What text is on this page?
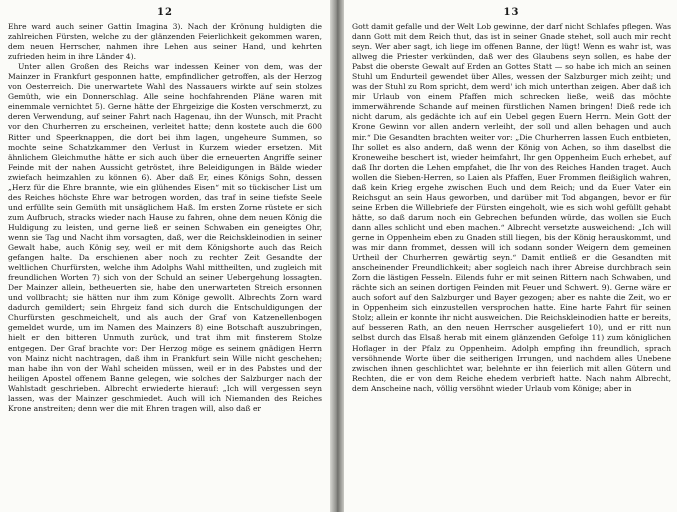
12

Ehre ward auch seiner Gattin Imagina 3). Nach der Krönung huldigten die zahlreichen Fürsten, welche zu der glänzenden Feierlichkeit gekommen waren, dem neuen Herrscher, nahmen ihre Lehen aus seiner Hand, und kehrten zufrieden heim in ihre Länder 4).

Unter allen Großen des Reichs war indessen Keiner von dem, was der Mainzer in Frankfurt gesponnen hatte, empfindlicher getroffen, als der Herzog von Oesterreich. Die unerwartete Wahl des Nassauers wirkte auf sein stolzes Gemüth, wie ein Donnerschlag. Alle seine hochfahrenden Pläne waren mit einemmale vernichtet 5). Gerne hätte der Ehrgeizige die Kosten verschmerzt, zu deren Verwendung, auf seiner Fahrt nach Hagenau, ihn der Wunsch, mit Pracht vor den Churherren zu erscheinen, verleitet hatte; denn kostete auch die 600 Ritter und Speerknappen, die dort bei ihm lagen, ungeheure Summen, so mochte seine Schatzkammer den Verlust in Kurzem wieder ersetzen. Mit ähnlichem Gleichmuthe hätte er sich auch über die erneuerten Angriffe seiner Feinde mit der nahen Aussicht getröstet, ihre Beleidigungen in Bälde wieder zwiefach heimzahlen zu können 6). Aber daß Er, eines Königs Sohn, dessen „Herz für die Ehre brannte, wie ein glühendes Eisen“ mit so tückischer List um des Reiches höchste Ehre war betrogen worden, das traf in seine tiefste Seele und erfüllte sein Gemüth mit unsäglichem Haß. Im ersten Zorne rüstete er sich zum Aufbruch, stracks wieder nach Hause zu fahren, ohne dem neuen König die Huldigung zu leisten, und gerne ließ er seinen Schwaben ein geneigtes Ohr, wenn sie Tag und Nacht ihm vorsagten, daß, wer die Reichskleinodien in seiner Gewalt habe, auch König sey, weil er mit dem Königshorte auch das Reich gefangen halte. Da erschienen aber noch zu rechter Zeit Gesandte der weltlichen Churfürsten, welche ihm Adolphs Wahl mittheilten, und zugleich mit freundlichen Worten 7) sich von der Schuld an seiner Uebergehung lossagten. Der Mainzer allein, betheuerten sie, habe den unerwarteten Streich ersonnen und vollbracht; sie hätten nur ihm zum Könige gewollt. Albrechts Zorn ward dadurch gemildert; sein Ehrgeiz fand sich durch die Entschuldigungen der Churfürsten geschmeichelt, und als auch der Graf von Katzenellenbogen gemeldet wurde, um im Namen des Mainzers 8) eine Botschaft auszubringen, hielt er den bitteren Unmuth zurück, und trat ihm mit finsterem Stolze entgegen. Der Graf brachte vor: Der Herzog möge es seinem gnädigen Herrn von Mainz nicht nachtragen, daß ihm in Frankfurt sein Wille nicht geschehen; man habe ihn von der Wahl scheiden müssen, weil er in des Pabstes und der heiligen Apostel offenem Banne gelegen, wie solches der Salzburger nach der Wahlstadt geschrieben. Albrecht erwiederte hierauf: „Ich will vergessen seyn lassen, was der Mainzer geschmiedet. Auch will ich Niemanden des Reiches Krone anstreiten; denn wer die mit Ehren tragen will, also daß er

13

Gott damit gefalle und der Welt Lob gewinne, der darf nicht Schlafes pflegen. Was dann Gott mit dem Reich thut, das ist in seiner Gnade stehet, soll auch mir recht seyn. Wer aber sagt, ich liege im offenen Banne, der lügt! Wenn es wahr ist, was allweg die Priester verkünden, daß wer des Glaubens seyn sollen, es habe der Pabst die oberste Gewalt auf Erden an Gottes Statt — so habe ich mich an seinen Stuhl um Endurteil gewendet über Alles, wessen der Salzburger mich zeiht; und was der Stuhl zu Rom spricht, dem werd' ich mich unterthan zeigen. Aber daß ich mir Urlaub von einem Pfaffen mich schrecken ließe, weiß das möchte immerwährende Schande auf meinen fürstlichen Namen bringen! Dieß rede ich nicht darum, als gedächte ich auf ein Uebel gegen Euern Herrn. Mein Gott der Krone Gewinn vor allen andern verleiht, der soll und allen behagen und auch mir.“ Die Gesandten brachten weiter vor: „Die Churherren lassen Euch entbieten, Ihr sollet es also andern, daß wenn der König von Achen, so ihm daselbst die Kroneweihe beschert ist, wieder heimfahrt, Ihr gen Oppenheim Euch erhebet, auf daß Ihr dorten die Lehen empfahet, die Ihr von des Reiches Handen traget. Auch wollen die Sieben-Herren, so Laien als Pfaffen, Euer Frommen fleißiglich wahren, daß kein Krieg ergehe zwischen Euch und dem Reich; und da Euer Vater ein Reichsgut an sein Haus geworben, und darüber mit Tod abgangen, bevor er für seine Erben die Willebriefe der Fürsten eingeholt, wie es sich wohl gefüllt gehabt hätte, so daß darum noch ein Gebrechen befunden würde, das wollen sie Euch dann alles schlicht und eben machen.“ Albrecht versetzte ausweichend: „Ich will gerne in Oppenheim eben zu Gnaden still liegen, bis der König herauskommt, und was mir dann frommet, dessen will ich sodann sonder Weigern dem gemeinen Urtheil der Churherren gewärtig seyn.“ Damit entließ er die Gesandten mit anscheinender Freundlichkeit; aber sogleich nach ihrer Abreise durchbrach sein Zorn die lästigen Fesseln. Eilends fuhr er mit seinen Rittern nach Schwaben, und rächte sich an seinen dortigen Feinden mit Feuer und Schwert. 9). Gerne wäre er auch sofort auf den Salzburger und Bayer gezogen; aber es nahte die Zeit, wo er in Oppenheim sich einzustellen versprochen hatte. Eine harte Fahrt für seinen Stolz; allein er konnte ihr nicht ausweichen. Die Reichskleinodien hatte er bereits, auf besseren Rath, an den neuen Herrscher ausgeliefert 10), und er ritt nun selbst durch das Elsaß herab mit einem glänzenden Gefolge 11) zum königlichen Hoflager in der Pfalz zu Oppenheim. Adolph empfing ihn freundlich, sprach versöhnende Worte über die seitherigen Irrungen, und nachdem alles Unebene zwischen ihnen geschlichtet war, belehnte er ihn feierlich mit allen Gütern und Rechten, die er von dem Reiche ehedem verbrieft hatte. Nach nahm Albrecht, dem Anscheine nach, völlig versöhnt wieder Urlaub vom Könige; aber in
